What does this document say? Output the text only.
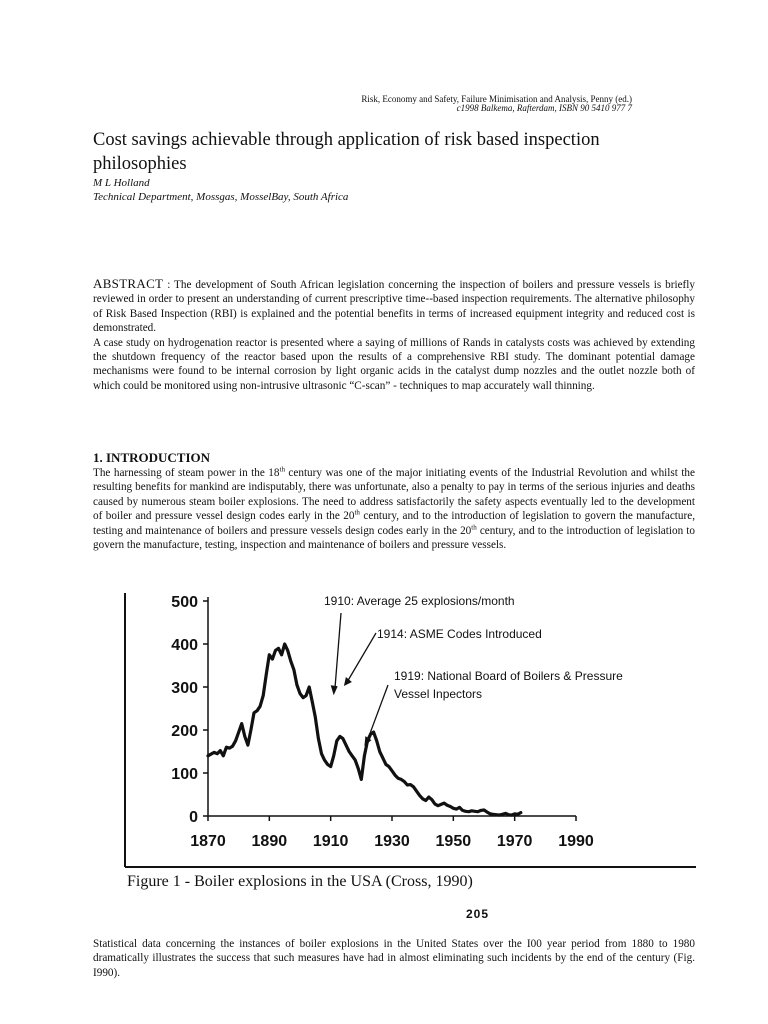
Risk, Economy and Safety, Failure Minimisation and Analysis, Penny (ed.)
c1998 Balkema, Rafterdam, ISBN 90 5410 977 7
Cost savings achievable through application of risk based inspection philosophies
M L Holland
Technical Department, Mossgas, MosselBay, South Africa

ABSTRACT : The development of South African legislation concerning the inspection of boilers and pressure vessels is briefly reviewed in order to present an understanding of current prescriptive time--based inspection requirements. The alternative philosophy of Risk Based Inspection (RBI) is explained and the potential benefits in terms of increased equipment integrity and reduced cost is demonstrated.
A case study on hydrogenation reactor is presented where a saying of millions of Rands in catalysts costs was achieved by extending the shutdown frequency of the reactor based upon the results of a comprehensive RBI study. The dominant potential damage mechanisms were found to be internal corrosion by light organic acids in the catalyst dump nozzles and the outlet nozzle both of which could be monitored using non-intrusive ultrasonic “C-scan” - techniques to map accurately wall thinning.

1. INTRODUCTION

The harnessing of steam power in the 18th century was one of the major initiating events of the Industrial Revolution and whilst the resulting benefits for mankind are indisputably, there was unfortunate, also a penalty to pay in terms of the serious injuries and deaths caused by numerous steam boiler explosions. The need to address satisfactorily the safety aspects eventually led to the development of boiler and pressure vessel design codes early in the 20th century, and to the introduction of legislation to govern the manufacture, testing and maintenance of boilers and pressure vessels design codes early in the 20th century, and to the introduction of legislation to govern the manufacture, testing, inspection and maintenance of boilers and pressure vessels.

0
100
200
300
400
500
1870 1890 1910 1930 1950 1970 1990
1910: Average 25 explosions/month
1914: ASME Codes Introduced
1919: National Board of Boilers & Pressure
Vessel Inpectors
Figure 1 - Boiler explosions in the USA (Cross, 1990)
205

Statistical data concerning the instances of boiler explosions in the United States over the I00 year period from 1880 to 1980 dramatically illustrates the success that such measures have had in almost eliminating such incidents by the end of the century (Fig. I990).
